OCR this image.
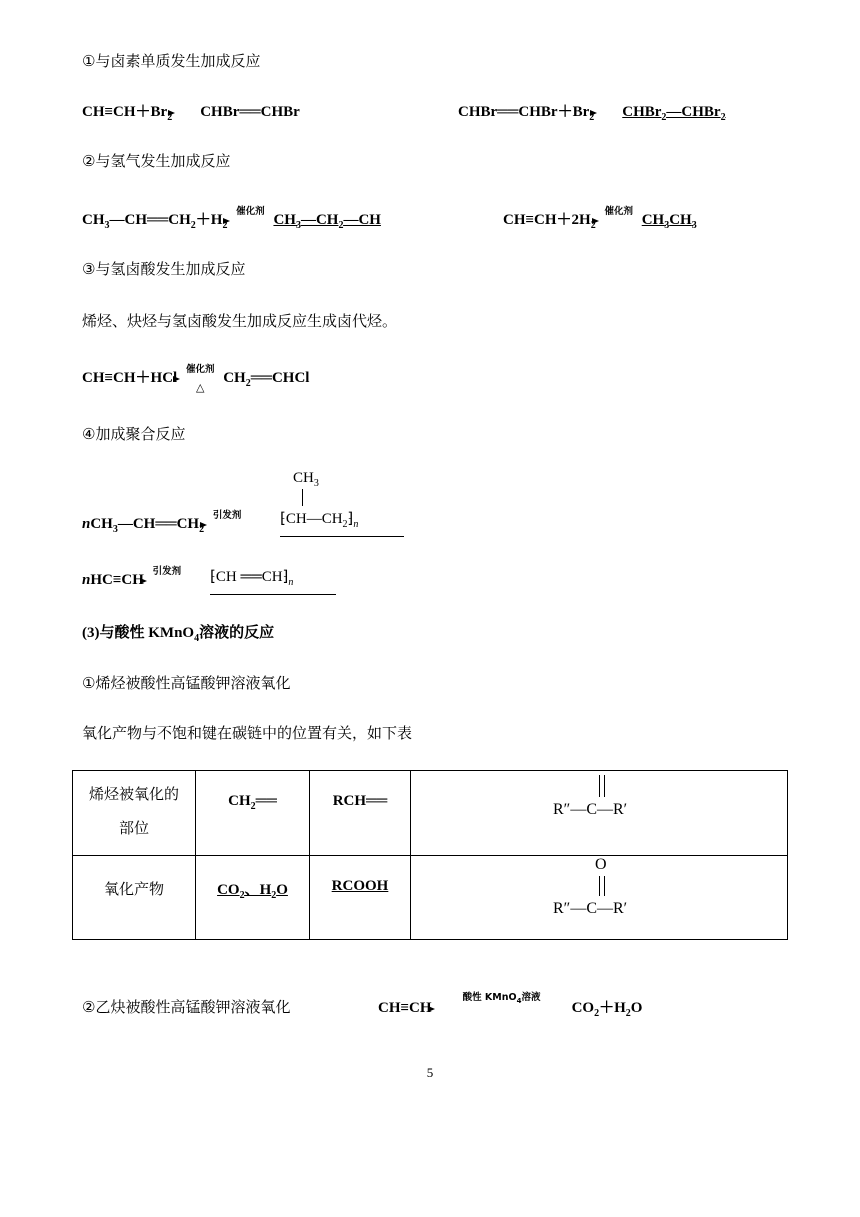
①与卤素单质发生加成反应
$CH\equiv CH+Br_2$ CHBr══CHBr	$CHBr══CHBr+Br_2$ CHBr$_2$—CHBr$_2$
②与氢气发生加成反应
$CH_3—CH══CH_2+H_2$
催化剂
$CH_3—CH_2—CH$	$CH\equiv CH+2H_2$
催化剂
$CH_3CH_3$
③与氢卤酸发生加成反应
烯烃、炔烃与氢卤酸发生加成反应生成卤代烃。
CH≡CH＋HCl
催化剂
△
$CH_2══CHCl$
④加成聚合反应
$nCH_3—CH══CH_2$
引发剂
$CH_3$
$⁅CH—CH_2⁆_n$
nHC≡CH
引发剂	⁅CH $══CH⁆_n$
(3)与酸性 KMnO$_4$溶液的反应
①烯烃被酸性高锰酸钾溶液氧化
氧化产物与不饱和键在碳链中的位置有关，如下表
烯烃被氧化的部位	$CH_2══$	RCH══	R″—C—R′

氧化产物	$CO_2$、$H_2O$	RCOOH	O
R″—C—R′
②乙炔被酸性高锰酸钾溶液氧化	CH≡CH
酸性 KMnO$_4$溶液
$CO_2+H_2O$
5
